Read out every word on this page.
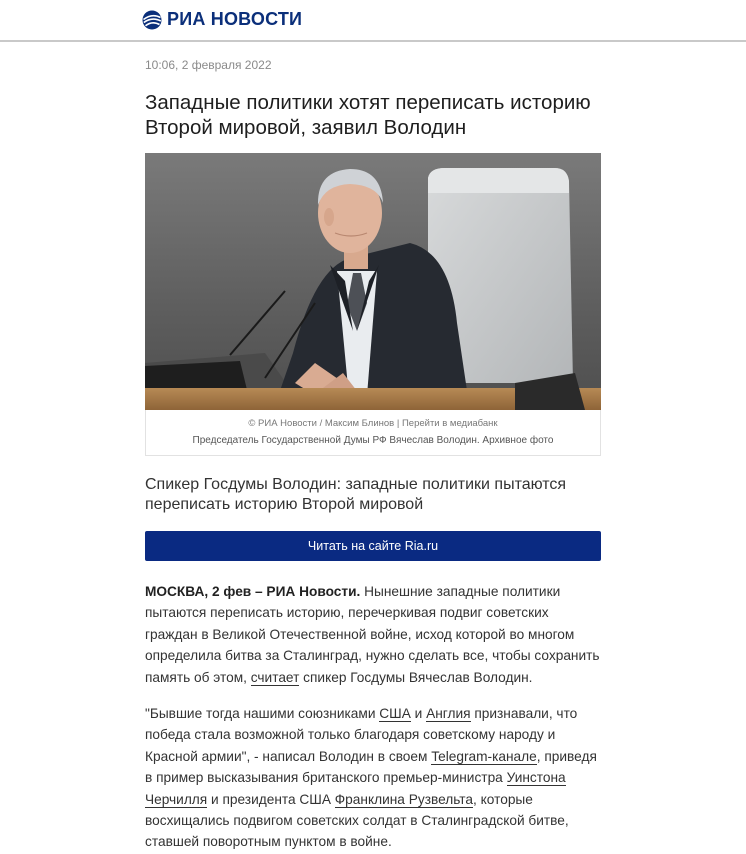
РИА НОВОСТИ
10:06, 2 февраля 2022
Западные политики хотят переписать историю Второй мировой, заявил Володин
© РИА Новости / Максим Блинов | Перейти в медиабанк
Председатель Государственной Думы РФ Вячеслав Володин. Архивное фото
Спикер Госдумы Володин: западные политики пытаются переписать историю Второй мировой
Читать на сайте Ria.ru

МОСКВА, 2 фев – РИА Новости. Нынешние западные политики пытаются переписать историю, перечеркивая подвиг советских граждан в Великой Отечественной войне, исход которой во многом определила битва за Сталинград, нужно сделать все, чтобы сохранить память об этом, считает спикер Госдумы Вячеслав Володин.

"Бывшие тогда нашими союзниками США и Англия признавали, что победа стала возможной только благодаря советскому народу и Красной армии", - написал Володин в своем Telegram-канале, приведя в пример высказывания британского премьер-министра Уинстона Черчилля и президента США Франклина Рузвельта, которые восхищались подвигом советских солдат в Сталинградской битве, ставшей поворотным пунктом в войне.
